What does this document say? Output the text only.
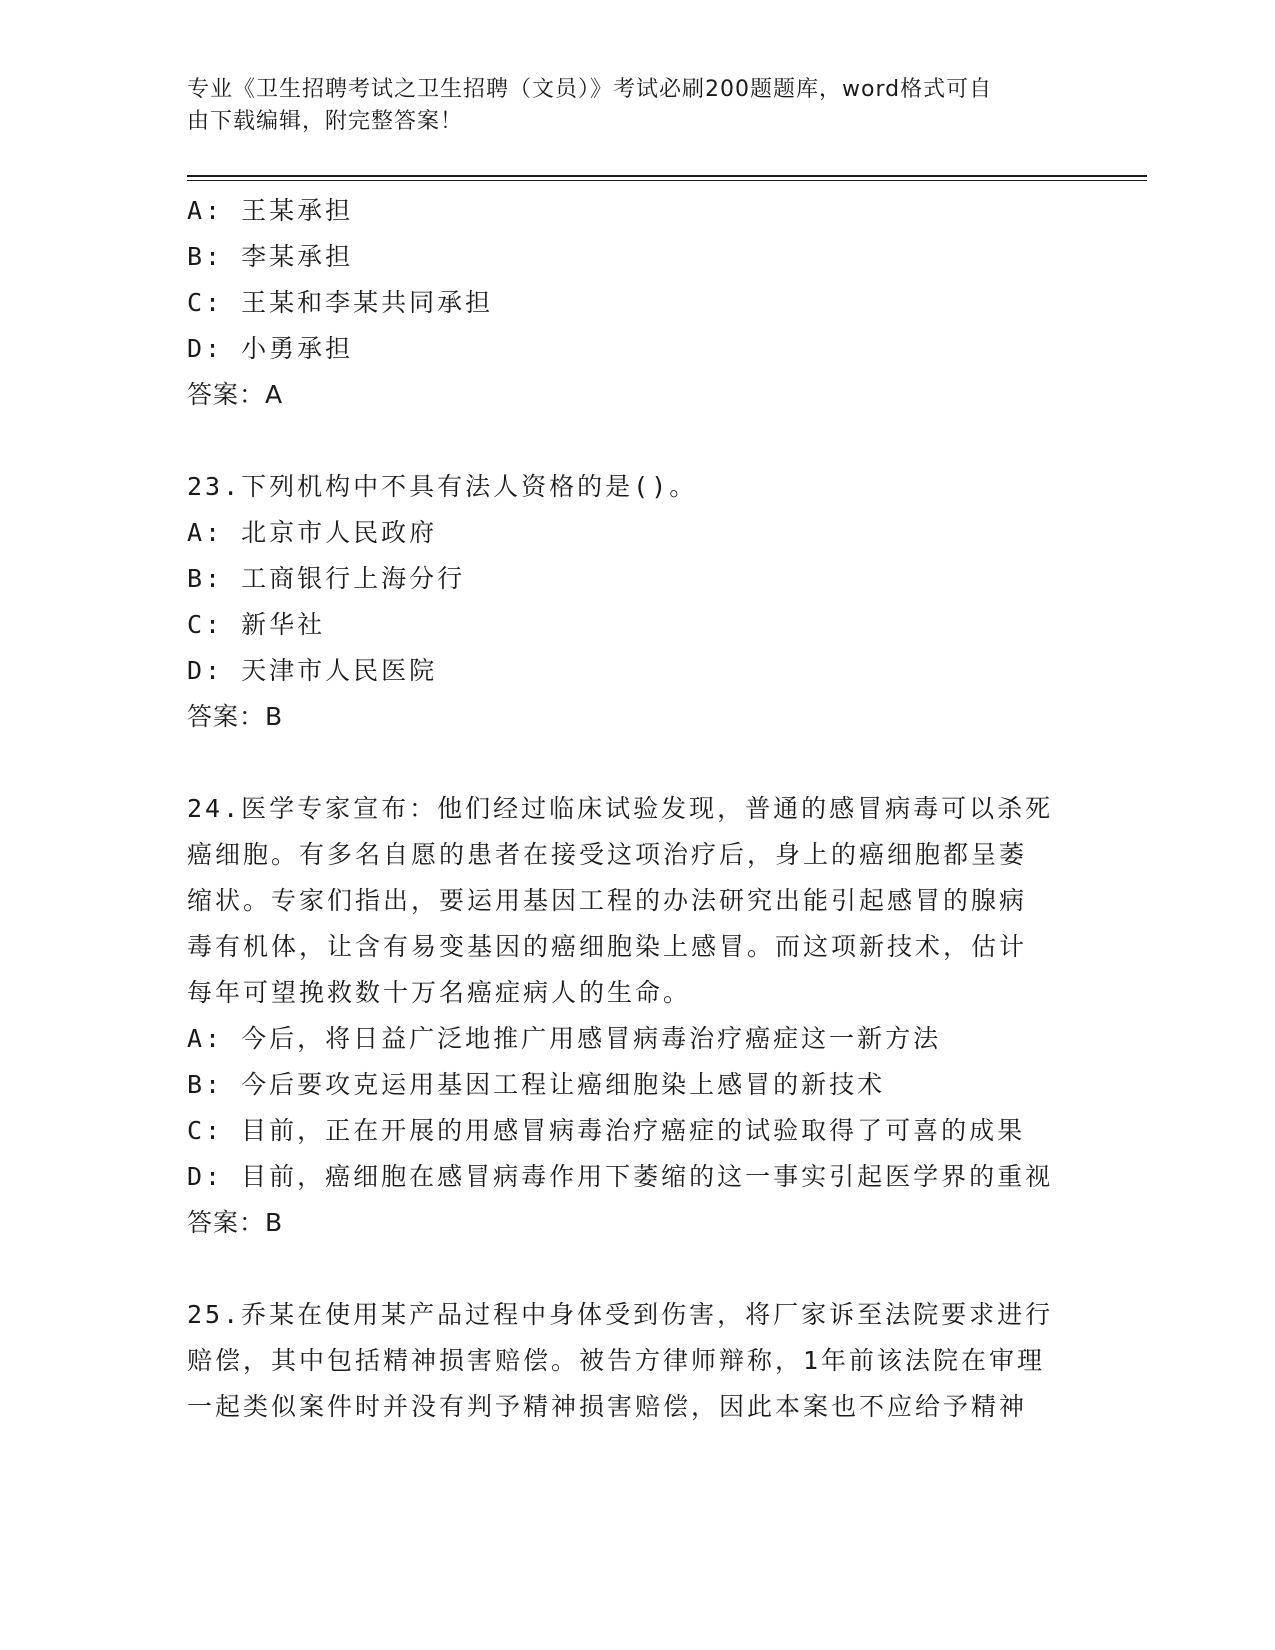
专业《卫生招聘考试之卫生招聘（文员）》考试必刷200题题库，word格式可自
由下载编辑，附完整答案！
A: 王某承担
B: 李某承担
C: 王某和李某共同承担
D: 小勇承担
答案：A
23.下列机构中不具有法人资格的是()。
A: 北京市人民政府
B: 工商银行上海分行
C: 新华社
D: 天津市人民医院
答案：B
24.医学专家宣布：他们经过临床试验发现，普通的感冒病毒可以杀死
癌细胞。有多名自愿的患者在接受这项治疗后，身上的癌细胞都呈萎
缩状。专家们指出，要运用基因工程的办法研究出能引起感冒的腺病
毒有机体，让含有易变基因的癌细胞染上感冒。而这项新技术，估计
每年可望挽救数十万名癌症病人的生命。
A: 今后，将日益广泛地推广用感冒病毒治疗癌症这一新方法
B: 今后要攻克运用基因工程让癌细胞染上感冒的新技术
C: 目前，正在开展的用感冒病毒治疗癌症的试验取得了可喜的成果
D: 目前，癌细胞在感冒病毒作用下萎缩的这一事实引起医学界的重视
答案：B
25.乔某在使用某产品过程中身体受到伤害，将厂家诉至法院要求进行
赔偿，其中包括精神损害赔偿。被告方律师辩称，1年前该法院在审理
一起类似案件时并没有判予精神损害赔偿，因此本案也不应给予精神
